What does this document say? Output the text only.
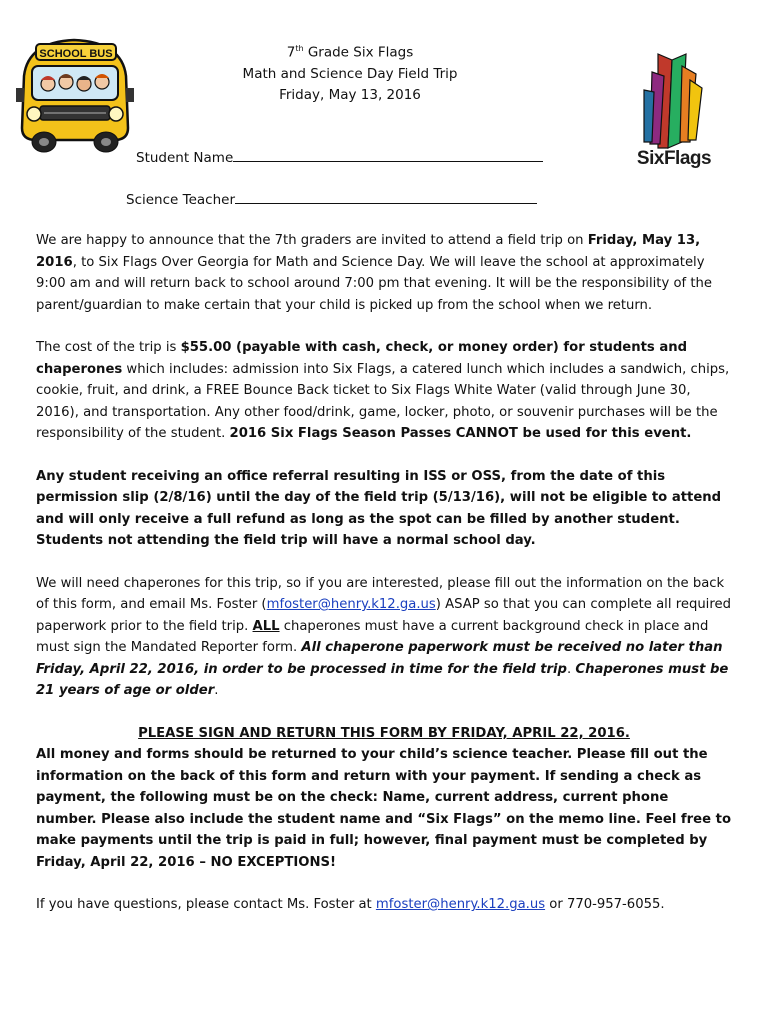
SCHOOL BUS	7th Grade Six Flags
Math and Science Day Field Trip
Friday, May 13, 2016
SixFlags
Student Name
Science Teacher

We are happy to announce that the 7th graders are invited to attend a field trip on Friday, May 13, 2016, to Six Flags Over Georgia for Math and Science Day. We will leave the school at approximately 9:00 am and will return back to school around 7:00 pm that evening. It will be the responsibility of the parent/guardian to make certain that your child is picked up from the school when we return.

The cost of the trip is $55.00 (payable with cash, check, or money order) for students and chaperones which includes: admission into Six Flags, a catered lunch which includes a sandwich, chips, cookie, fruit, and drink, a FREE Bounce Back ticket to Six Flags White Water (valid through June 30, 2016), and transportation. Any other food/drink, game, locker, photo, or souvenir purchases will be the responsibility of the student. 2016 Six Flags Season Passes CANNOT be used for this event.

Any student receiving an office referral resulting in ISS or OSS, from the date of this permission slip (2/8/16) until the day of the field trip (5/13/16), will not be eligible to attend and will only receive a full refund as long as the spot can be filled by another student. Students not attending the field trip will have a normal school day.

We will need chaperones for this trip, so if you are interested, please fill out the information on the back of this form, and email Ms. Foster (mfoster@henry.k12.ga.us) ASAP so that you can complete all required paperwork prior to the field trip. ALL chaperones must have a current background check in place and must sign the Mandated Reporter form. All chaperone paperwork must be received no later than Friday, April 22, 2016, in order to be processed in time for the field trip. Chaperones must be 21 years of age or older.

PLEASE SIGN AND RETURN THIS FORM BY FRIDAY, APRIL 22, 2016.

All money and forms should be returned to your child’s science teacher. Please fill out the information on the back of this form and return with your payment. If sending a check as payment, the following must be on the check: Name, current address, current phone number. Please also include the student name and “Six Flags” on the memo line. Feel free to make payments until the trip is paid in full; however, final payment must be completed by Friday, April 22, 2016 – NO EXCEPTIONS!

If you have questions, please contact Ms. Foster at mfoster@henry.k12.ga.us or 770-957-6055.
